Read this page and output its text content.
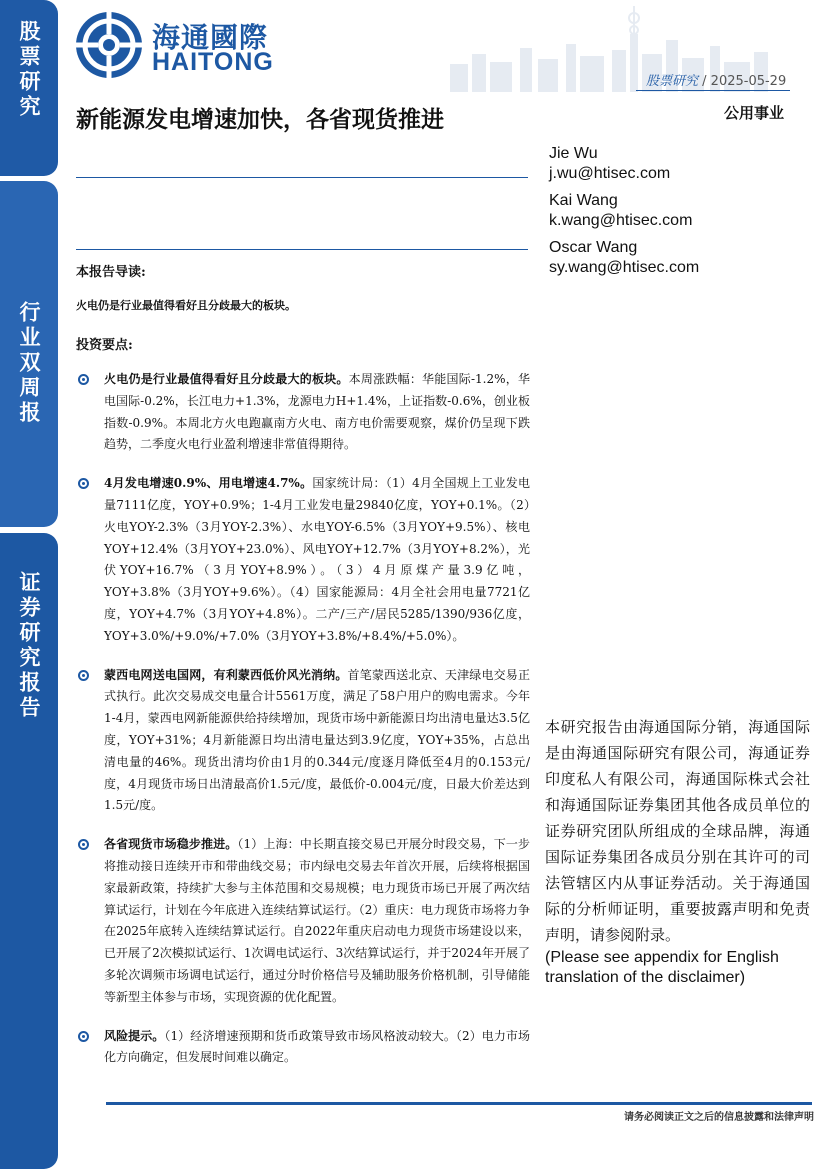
股票研究
行业双周报
证券研究报告
海通國際
HAITONG
股票研究 / 2025-05-29
公用事业
新能源发电增速加快，各省现货推进
Jie Wu
j.wu@htisec.com
Kai Wang
k.wang@htisec.com
Oscar Wang
sy.wang@htisec.com
本报告导读:
火电仍是行业最值得看好且分歧最大的板块。
投资要点:
火电仍是行业最值得看好且分歧最大的板块。本周涨跌幅：华能国际-1.2%，华电国际-0.2%，长江电力+1.3%，龙源电力H+1.4%，上证指数-0.6%，创业板指数-0.9%。本周北方火电跑赢南方火电、南方电价需要观察，煤价仍呈现下跌趋势，二季度火电行业盈利增速非常值得期待。
4月发电增速0.9%、用电增速4.7%。国家统计局：（1）4月全国规上工业发电量7111亿度，YOY+0.9%；1-4月工业发电量29840亿度，YOY+0.1%。（2）火电YOY-2.3%（3月YOY-2.3%）、水电YOY-6.5%（3月YOY+9.5%）、核电YOY+12.4%（3月YOY+23.0%）、风电YOY+12.7%（3月YOY+8.2%），光伏YOY+16.7%（3月YOY+8.9%）。（3）4月原煤产量3.9亿吨，YOY+3.8%（3月YOY+9.6%）。（4）国家能源局：4月全社会用电量7721亿度，YOY+4.7%（3月YOY+4.8%）。二产/三产/居民5285/1390/936亿度，YOY+3.0%/+9.0%/+7.0%（3月YOY+3.8%/+8.4%/+5.0%）。
蒙西电网送电国网，有利蒙西低价风光消纳。首笔蒙西送北京、天津绿电交易正式执行。此次交易成交电量合计5561万度，满足了58户用户的购电需求。今年1-4月，蒙西电网新能源供给持续增加，现货市场中新能源日均出清电量达3.5亿度，YOY+31%；4月新能源日均出清电量达到3.9亿度，YOY+35%，占总出清电量的46%。现货出清均价由1月的0.344元/度逐月降低至4月的0.153元/度，4月现货市场日出清最高价1.5元/度，最低价-0.004元/度，日最大价差达到1.5元/度。
各省现货市场稳步推进。（1）上海：中长期直接交易已开展分时段交易，下一步将推动接日连续开市和带曲线交易；市内绿电交易去年首次开展，后续将根据国家最新政策，持续扩大参与主体范围和交易规模；电力现货市场已开展了两次结算试运行，计划在今年底进入连续结算试运行。（2）重庆：电力现货市场将力争在2025年底转入连续结算试运行。自2022年重庆启动电力现货市场建设以来，已开展了2次模拟试运行、1次调电试运行、3次结算试运行，并于2024年开展了多轮次调频市场调电试运行，通过分时价格信号及辅助服务价格机制，引导储能等新型主体参与市场，实现资源的优化配置。
风险提示。（1）经济增速预期和货币政策导致市场风格波动较大。（2）电力市场化方向确定，但发展时间难以确定。
本研究报告由海通国际分销，海通国际是由海通国际研究有限公司，海通证券印度私人有限公司，海通国际株式会社和海通国际证券集团其他各成员单位的证券研究团队所组成的全球品牌，海通国际证券集团各成员分别在其许可的司法管辖区内从事证券活动。关于海通国际的分析师证明，重要披露声明和免责声明，请参阅附录。
(Please see appendix for English translation of the disclaimer)
请务必阅读正文之后的信息披露和法律声明
